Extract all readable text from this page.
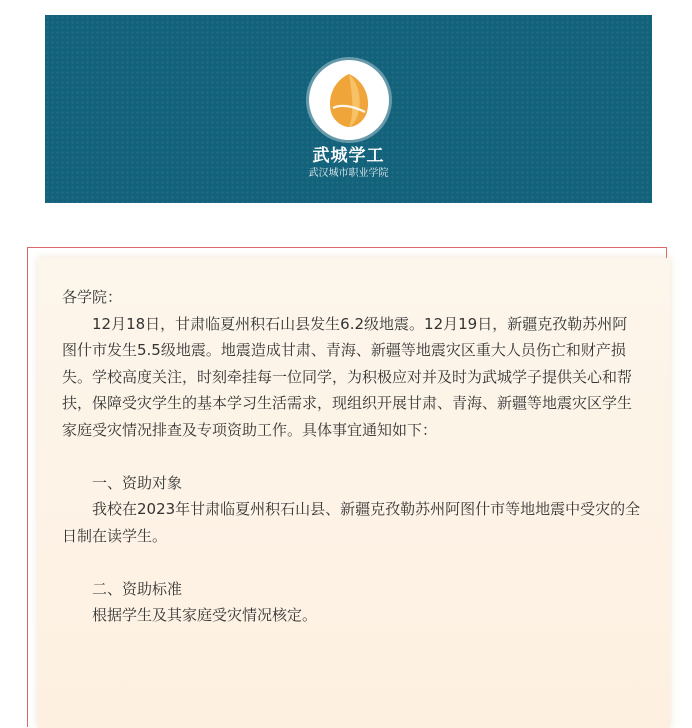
武城学工
武汉城市职业学院

各学院：

12月18日，甘肃临夏州积石山县发生6.2级地震。12月19日，新疆克孜勒苏州阿图什市发生5.5级地震。地震造成甘肃、青海、新疆等地震灾区重大人员伤亡和财产损失。学校高度关注，时刻牵挂每一位同学，为积极应对并及时为武城学子提供关心和帮扶，保障受灾学生的基本学习生活需求，现组织开展甘肃、青海、新疆等地震灾区学生家庭受灾情况排查及专项资助工作。具体事宜通知如下：

一、资助对象

我校在2023年甘肃临夏州积石山县、新疆克孜勒苏州阿图什市等地地震中受灾的全日制在读学生。

二、资助标准

根据学生及其家庭受灾情况核定。
